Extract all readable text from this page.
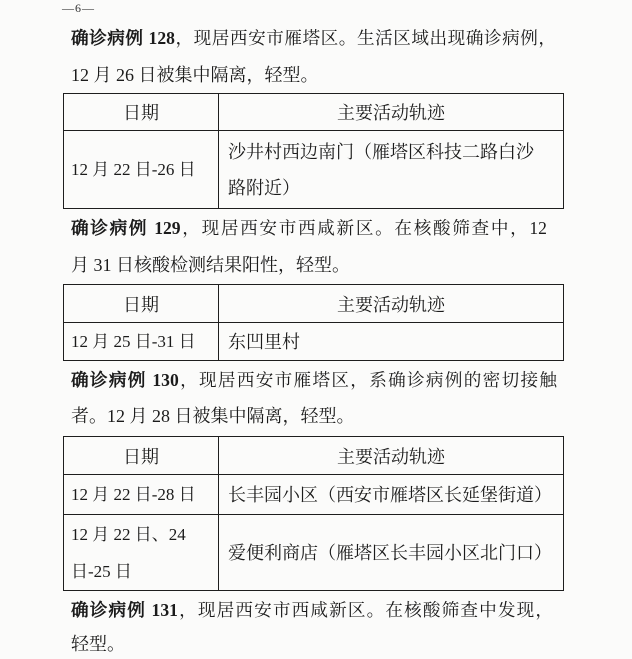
—6—
确诊病例 128，现居西安市雁塔区。生活区域出现确诊病例，
12 月 26 日被集中隔离，轻型。
日期	主要活动轨迹

12 月 22 日-26 日	沙井村西边南门（雁塔区科技二路白沙
路附近）
确诊病例 129，现居西安市西咸新区。在核酸筛查中，12
月 31 日核酸检测结果阳性，轻型。
日期	主要活动轨迹

12 月 25 日-31 日	东凹里村
确诊病例 130，现居西安市雁塔区，系确诊病例的密切接触
者。12 月 28 日被集中隔离，轻型。
日期	主要活动轨迹

12 月 22 日-28 日	长丰园小区（西安市雁塔区长延堡街道）

12 月 22 日、24
日-25 日	爱便利商店（雁塔区长丰园小区北门口）
确诊病例 131，现居西安市西咸新区。在核酸筛查中发现，
轻型。
